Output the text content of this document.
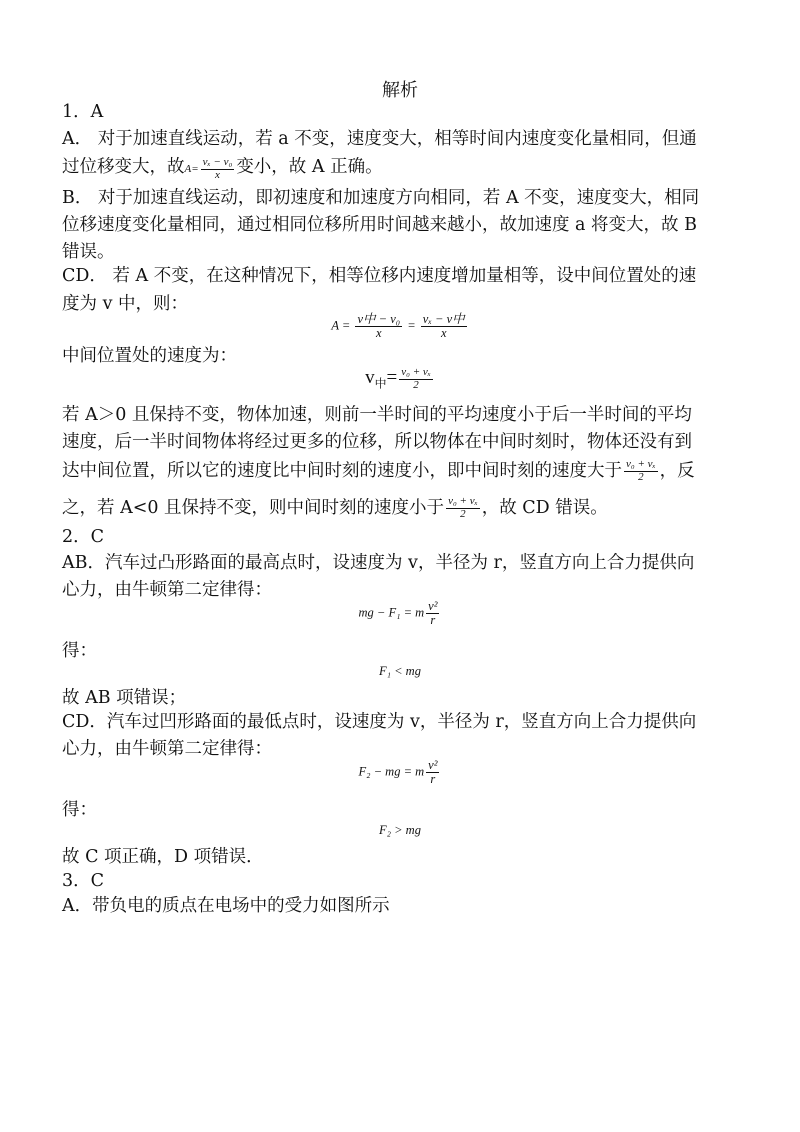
解析
1．A
A． 对于加速直线运动，若 a 不变，速度变大，相等时间内速度变化量相同，但通
过位移变大，故$A= \frac{\text{vₓ − v₀}}{x}$ 变小，故 A 正确。
B． 对于加速直线运动，即初速度和加速度方向相同，若 A 不变，速度变大，相同
位移速度变化量相同，通过相同位移所用时间越来越小，故加速度 a 将变大，故 B
错误。
CD． 若 A 不变，在这种情况下，相等位移内速度增加量相等，设中间位置处的速
度为 v 中，则：
$A = \frac{\text{v中 − v₀}}{x} = \frac{\text{vₓ − v中}}{x}$
中间位置处的速度为：
$v_中= \frac{\text{v₀ + vₓ}}{2}$
若 A＞0 且保持不变，物体加速，则前一半时间的平均速度小于后一半时间的平均
速度，后一半时间物体将经过更多的位移，所以物体在中间时刻时，物体还没有到
达中间位置，所以它的速度比中间时刻的速度小，即中间时刻的速度大于 $\frac{\text{v₀ + vₓ}}{2}$ ，反
之，若 A<0 且保持不变，则中间时刻的速度小于 $\frac{\text{v₀ + vₓ}}{2}$ ，故 CD 错误。
2．C
AB．汽车过凸形路面的最高点时，设速度为 v，半径为 r，竖直方向上合力提供向
心力，由牛顿第二定律得：
mg − F₁ = m $\frac{\text{v²}}{r}$
得：
F₁ < mg
故 AB 项错误；
CD．汽车过凹形路面的最低点时，设速度为 v，半径为 r，竖直方向上合力提供向
心力，由牛顿第二定律得：
F₂ − mg = m $\frac{\text{v²}}{r}$
得：
F₂ > mg
故 C 项正确，D 项错误．
3．C
A．带负电的质点在电场中的受力如图所示
